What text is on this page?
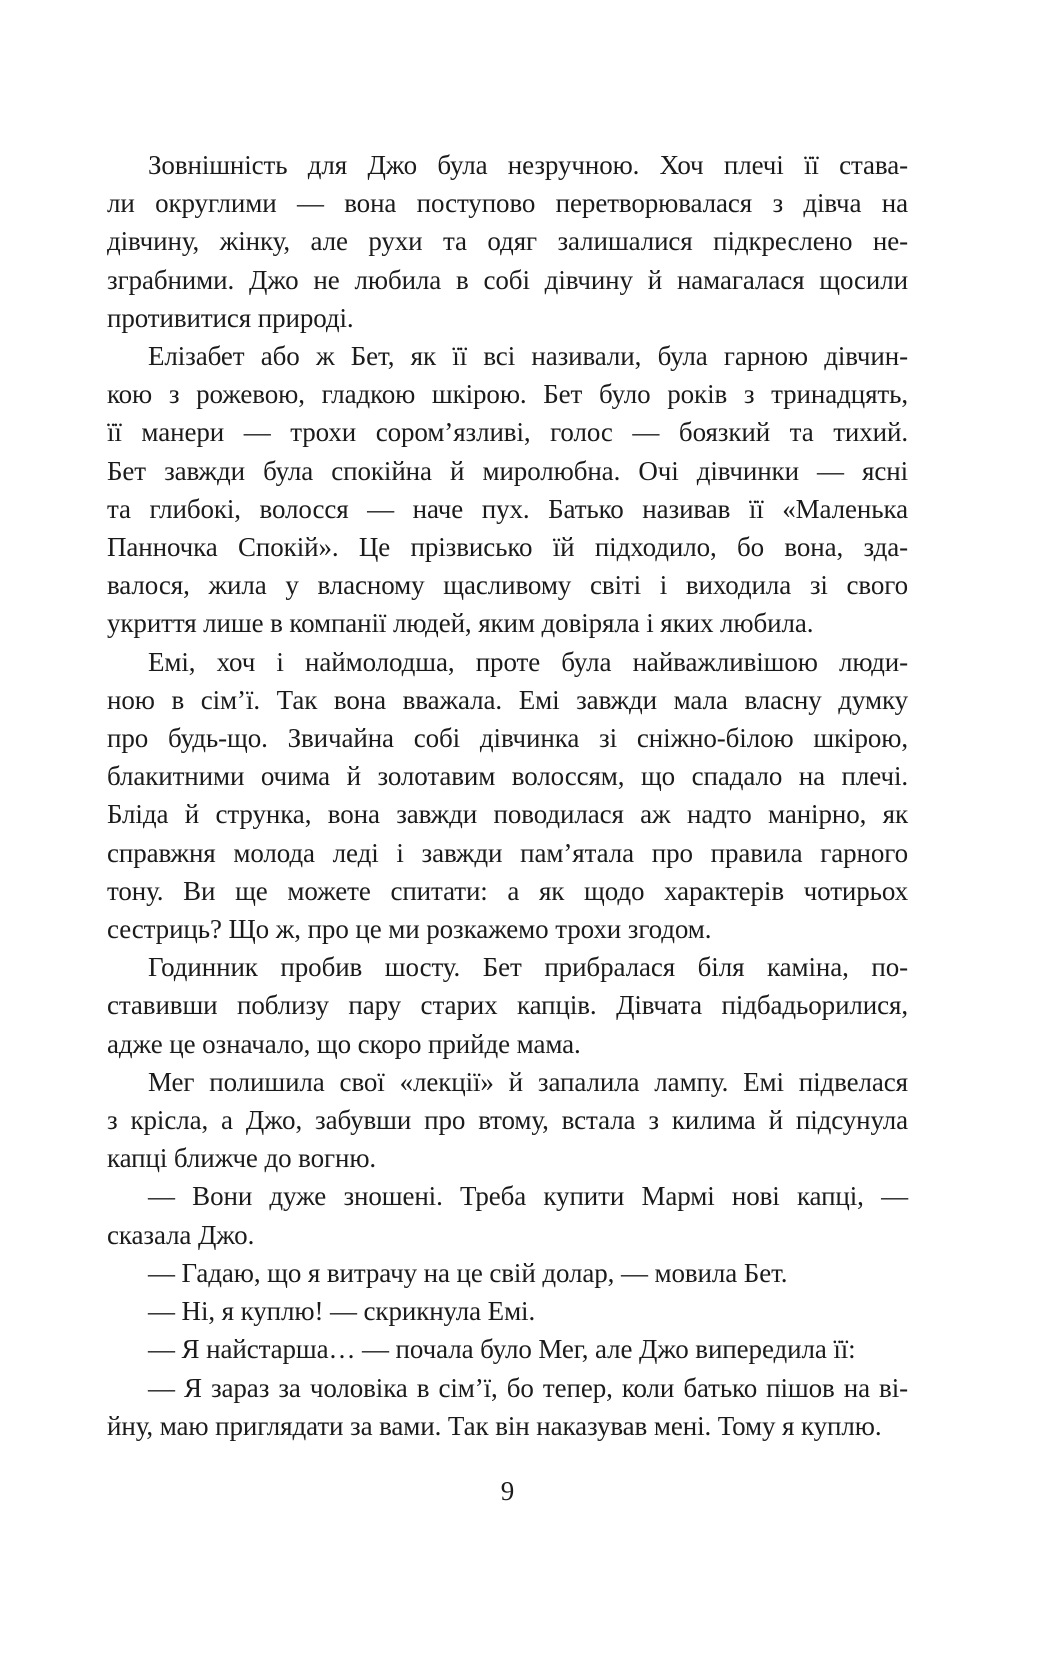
Зовнішність для Джо була незручною. Хоч плечі її става-
ли округлими — вона поступово перетворювалася з дівча на
дівчину, жінку, але рухи та одяг залишалися підкреслено не-
зграбними. Джо не любила в собі дівчину й намагалася щосили
противитися природі.

Елізабет або ж Бет, як її всі називали, була гарною дівчин-
кою з рожевою, гладкою шкірою. Бет було років з тринадцять,
її манери — трохи сором’язливі, голос — боязкий та тихий.
Бет завжди була спокійна й миролюбна. Очі дівчинки — ясні
та глибокі, волосся — наче пух. Батько називав її «Маленька
Панночка Спокій». Це прізвисько їй підходило, бо вона, зда-
валося, жила у власному щасливому світі і виходила зі свого
укриття лише в компанії людей, яким довіряла і яких любила.

Емі, хоч і наймолодша, проте була найважливішою люди-
ною в сім’ї. Так вона вважала. Емі завжди мала власну думку
про будь-що. Звичайна собі дівчинка зі сніжно-білою шкірою,
блакитними очима й золотавим волоссям, що спадало на плечі.
Бліда й струнка, вона завжди поводилася аж надто манірно, як
справжня молода леді і завжди пам’ятала про правила гарного
тону. Ви ще можете спитати: а як щодо характерів чотирьох
сестриць? Що ж, про це ми розкажемо трохи згодом.

Годинник пробив шосту. Бет прибралася біля каміна, по-
ставивши поблизу пару старих капців. Дівчата підбадьорилися,
адже це означало, що скоро прийде мама.

Мег полишила свої «лекції» й запалила лампу. Емі підвелася
з крісла, а Джо, забувши про втому, встала з килима й підсунула
капці ближче до вогню.

— Вони дуже зношені. Треба купити Мармі нові капці, —
сказала Джо.

— Гадаю, що я витрачу на це свій долар, — мовила Бет.

— Ні, я куплю! — скрикнула Емі.

— Я найстарша… — почала було Мег, але Джо випередила її:

— Я зараз за чоловіка в сім’ї, бо тепер, коли батько пішов на ві-
йну, маю приглядати за вами. Так він наказував мені. Тому я куплю.

9
